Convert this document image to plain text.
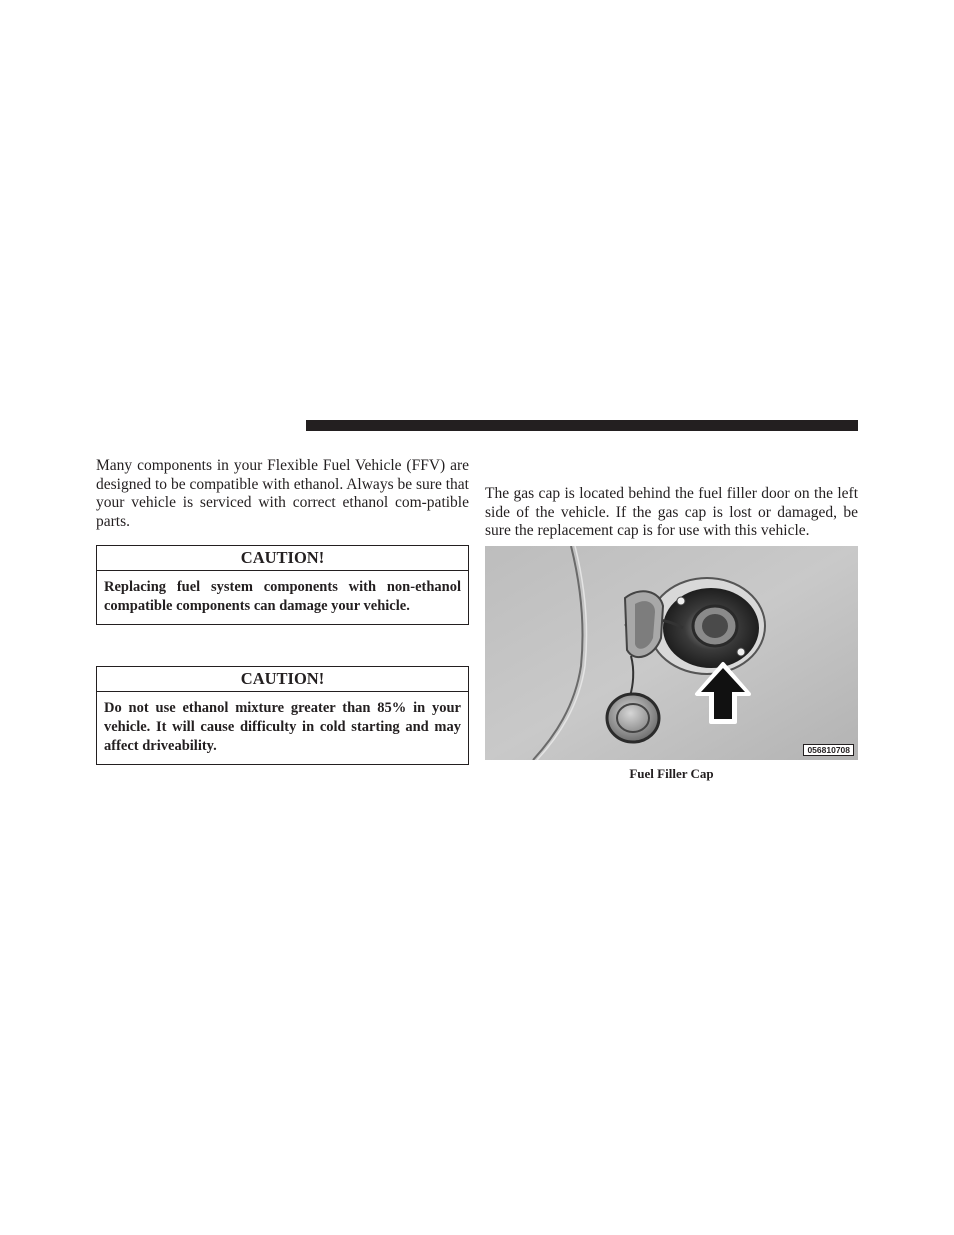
Many components in your Flexible Fuel Vehicle (FFV) are designed to be compatible with ethanol. Always be sure that your vehicle is serviced with correct ethanol com-patible parts.

CAUTION!
Replacing fuel system components with non-ethanol compatible components can damage your vehicle.
CAUTION!
Do not use ethanol mixture greater than 85% in your vehicle. It will cause difficulty in cold starting and may affect driveability.

The gas cap is located behind the fuel filler door on the left side of the vehicle. If the gas cap is lost or damaged, be sure the replacement cap is for use with this vehicle.

056810708
Fuel Filler Cap
